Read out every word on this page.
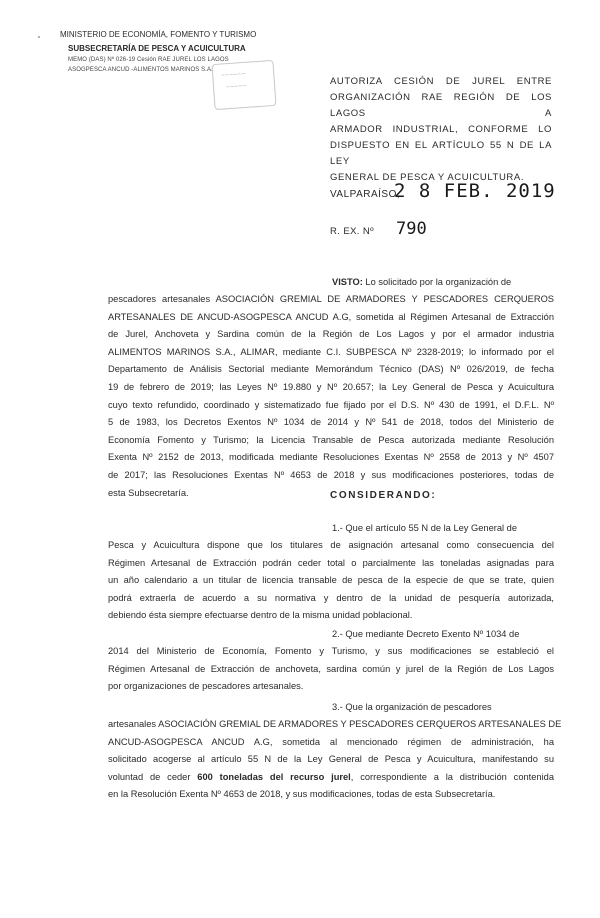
MINISTERIO DE ECONOMÍA, FOMENTO Y TURISMO
SUBSECRETARÍA DE PESCA Y ACUICULTURA
MEMO (DAS) Nº 026-19 Cesión RAE JUREL LOS LAGOS
ASOGPESCA ANCUD -ALIMENTOS MARINOS S.A.
~~~~~~
~~~~~
AUTORIZA CESIÓN DE JUREL ENTRE
ORGANIZACIÓN RAE REGIÓN DE LOS LAGOS A
ARMADOR INDUSTRIAL, CONFORME LO
DISPUESTO EN EL ARTÍCULO 55 N DE LA LEY
GENERAL DE PESCA Y ACUICULTURA.
VALPARAÍSO,
2 8 FEB. 2019
R. EX. Nº 790
VISTO: Lo solicitado por la organización de
pescadores artesanales ASOCIACIÓN GREMIAL DE ARMADORES Y PESCADORES CERQUEROS
ARTESANALES DE ANCUD-ASOGPESCA ANCUD A.G, sometida al Régimen Artesanal de Extracción
de Jurel, Anchoveta y Sardina común de la Región de Los Lagos y por el armador industria
ALIMENTOS MARINOS S.A., ALIMAR, mediante C.I. SUBPESCA Nº 2328-2019; lo informado por el
Departamento de Análisis Sectorial mediante Memorándum Técnico (DAS) Nº 026/2019, de fecha
19 de febrero de 2019; las Leyes Nº 19.880 y Nº 20.657; la Ley General de Pesca y Acuicultura
cuyo texto refundido, coordinado y sistematizado fue fijado por el D.S. Nº 430 de 1991, el D.F.L. Nº
5 de 1983, los Decretos Exentos Nº 1034 de 2014 y Nº 541 de 2018, todos del Ministerio de
Economía Fomento y Turismo; la Licencia Transable de Pesca autorizada mediante Resolución
Exenta Nº 2152 de 2013, modificada mediante Resoluciones Exentas Nº 2558 de 2013 y Nº 4507
de 2017; las Resoluciones Exentas Nº 4653 de 2018 y sus modificaciones posteriores, todas de
esta Subsecretaría.	CONSIDERANDO:
1.- Que el artículo 55 N de la Ley General de
Pesca y Acuicultura dispone que los titulares de asignación artesanal como consecuencia del
Régimen Artesanal de Extracción podrán ceder total o parcialmente las toneladas asignadas para
un año calendario a un titular de licencia transable de pesca de la especie de que se trate, quien
podrá extraerla de acuerdo a su normativa y dentro de la unidad de pesquería autorizada,
debiendo ésta siempre efectuarse dentro de la misma unidad poblacional.
2.- Que mediante Decreto Exento Nº 1034 de
2014 del Ministerio de Economía, Fomento y Turismo, y sus modificaciones se estableció el
Régimen Artesanal de Extracción de anchoveta, sardina común y jurel de la Región de Los Lagos
por organizaciones de pescadores artesanales.
3.- Que la organización de pescadores
artesanales ASOCIACIÓN GREMIAL DE ARMADORES Y PESCADORES CERQUEROS ARTESANALES DE
ANCUD-ASOGPESCA ANCUD A.G, sometida al mencionado régimen de administración, ha
solicitado acogerse al artículo 55 N de la Ley General de Pesca y Acuicultura, manifestando su
voluntad de ceder 600 toneladas del recurso jurel, correspondiente a la distribución contenida
en la Resolución Exenta Nº 4653 de 2018, y sus modificaciones, todas de esta Subsecretaría.
